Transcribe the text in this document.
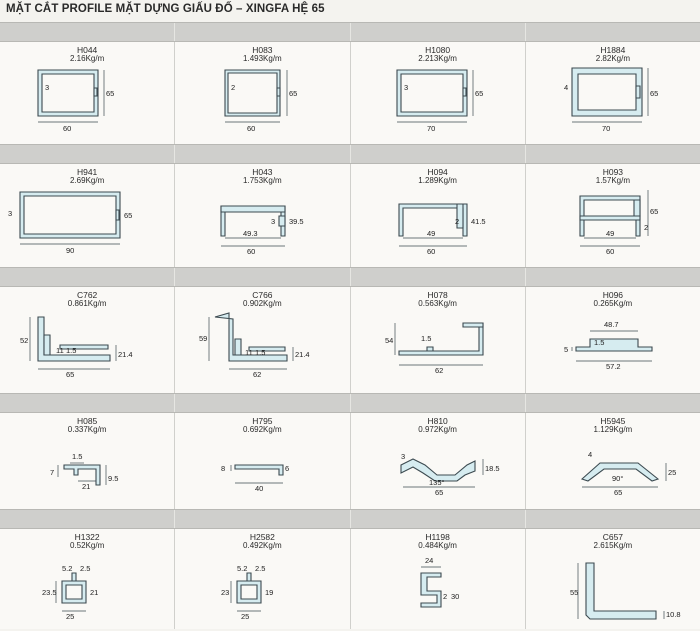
MẶT CẮT PROFILE MẶT DỰNG GIẤU ĐỐ – XINGFA HỆ 65
H044
2.16Kg/m
3
65
60
H083
1.493Kg/m
2
65
60
H1080
2.213Kg/m
3
65
70
H1884
2.82Kg/m
4
65
70
H941
2.69Kg/m
3	65
90
H043
1.753Kg/m
3 39.5
49.3
60
H094
1.289Kg/m
2 41.5
49
60
H093
1.57Kg/m
65
2
49
60
C762
0.861Kg/m
52
11 1.5	21.4
65
C766
0.902Kg/m
59
11 1.5	21.4
62
H078
0.563Kg/m
54	1.5
62
H096
0.265Kg/m
48.7
5
1.5
57.2
H085
0.337Kg/m
1.5
7
21
9.5
H795
0.692Kg/m
8	6
40
H810
0.972Kg/m
3
18.5
135°
65
H5945
1.129Kg/m
4
25
90°
65
H1322
0.52Kg/m
5.2 2.5
23.5	21
25
H2582
0.492Kg/m
5.2 2.5
23	19
25
H1198
0.484Kg/m
24
2 30
C657
2.615Kg/m
55
10.8
